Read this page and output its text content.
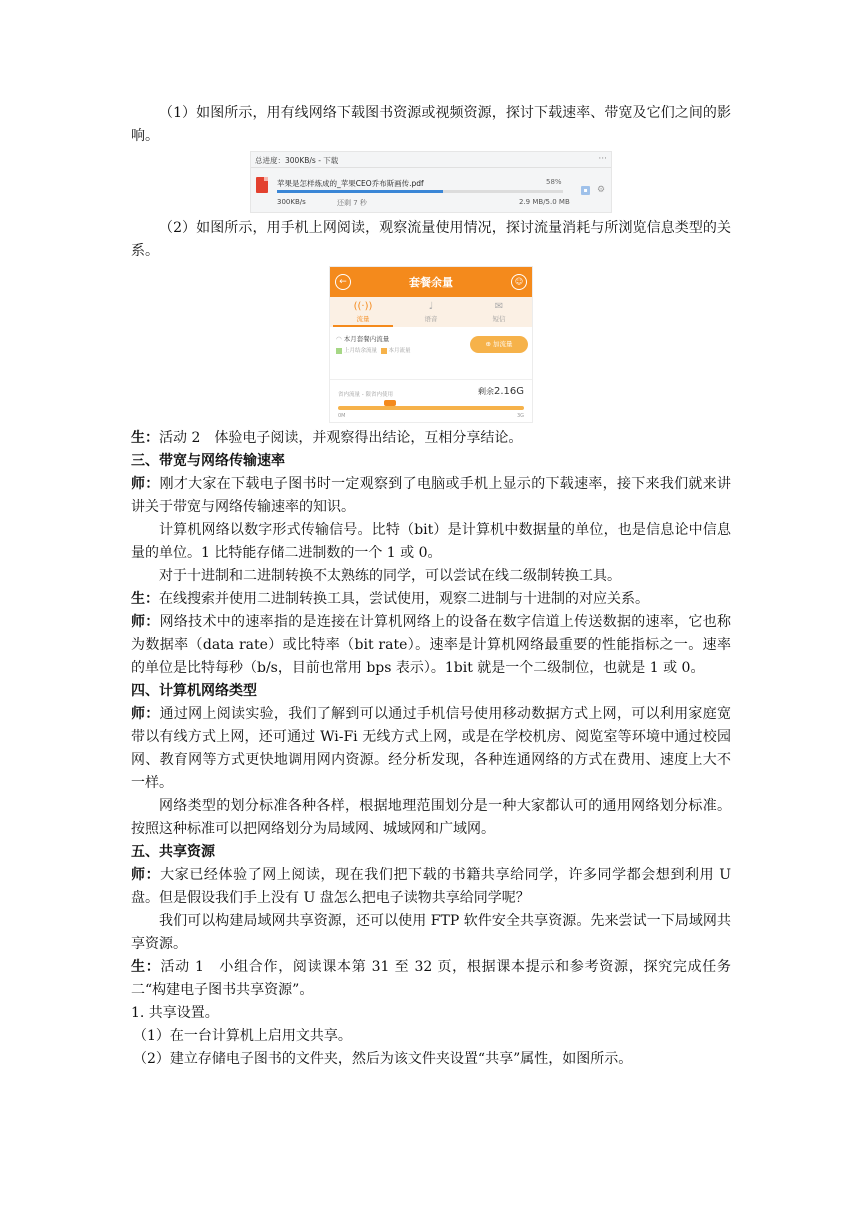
（1）如图所示，用有线网络下载图书资源或视频资源，探讨下载速率、带宽及它们之间的影响。

总进度：300KB/s - 下载	···
苹果是怎样炼成的_苹果CEO乔布斯画传.pdf	58%
300KB/s	还剩 7 秒	2.9 MB/5.0 MB
▪ ⚙

（2）如图所示，用手机上网阅读，观察流量使用情况，探讨流量消耗与所浏览信息类型的关系。

←	套餐余量	☺
((·))
流量
♩
语音
✉
短信
◠ 本月套餐内流量
上月结余流量 本月流量
⊕ 加流量
省内流量 - 限省内使用	剩余2.16G
0M	3G

生：活动 2　体验电子阅读，并观察得出结论，互相分享结论。

三、带宽与网络传输速率

师：刚才大家在下载电子图书时一定观察到了电脑或手机上显示的下载速率，接下来我们就来讲讲关于带宽与网络传输速率的知识。

计算机网络以数字形式传输信号。比特（bit）是计算机中数据量的单位，也是信息论中信息量的单位。1 比特能存储二进制数的一个 1 或 0。

对于十进制和二进制转换不太熟练的同学，可以尝试在线二级制转换工具。

生：在线搜索并使用二进制转换工具，尝试使用，观察二进制与十进制的对应关系。

师：网络技术中的速率指的是连接在计算机网络上的设备在数字信道上传送数据的速率，它也称为数据率（data rate）或比特率（bit rate）。速率是计算机网络最重要的性能指标之一。速率的单位是比特每秒（b/s，目前也常用 bps 表示）。1bit 就是一个二级制位，也就是 1 或 0。

四、计算机网络类型

师：通过网上阅读实验，我们了解到可以通过手机信号使用移动数据方式上网，可以利用家庭宽带以有线方式上网，还可通过 Wi-Fi 无线方式上网，或是在学校机房、阅览室等环境中通过校园网、教育网等方式更快地调用网内资源。经分析发现，各种连通网络的方式在费用、速度上大不一样。

网络类型的划分标准各种各样，根据地理范围划分是一种大家都认可的通用网络划分标准。按照这种标准可以把网络划分为局域网、城域网和广域网。

五、共享资源

师：大家已经体验了网上阅读，现在我们把下载的书籍共享给同学，许多同学都会想到利用 U 盘。但是假设我们手上没有 U 盘怎么把电子读物共享给同学呢？

我们可以构建局域网共享资源，还可以使用 FTP 软件安全共享资源。先来尝试一下局域网共享资源。

生：活动 1　小组合作，阅读课本第 31 至 32 页，根据课本提示和参考资源，探究完成任务二“构建电子图书共享资源”。

1. 共享设置。

（1）在一台计算机上启用文共享。

（2）建立存储电子图书的文件夹，然后为该文件夹设置“共享”属性，如图所示。
